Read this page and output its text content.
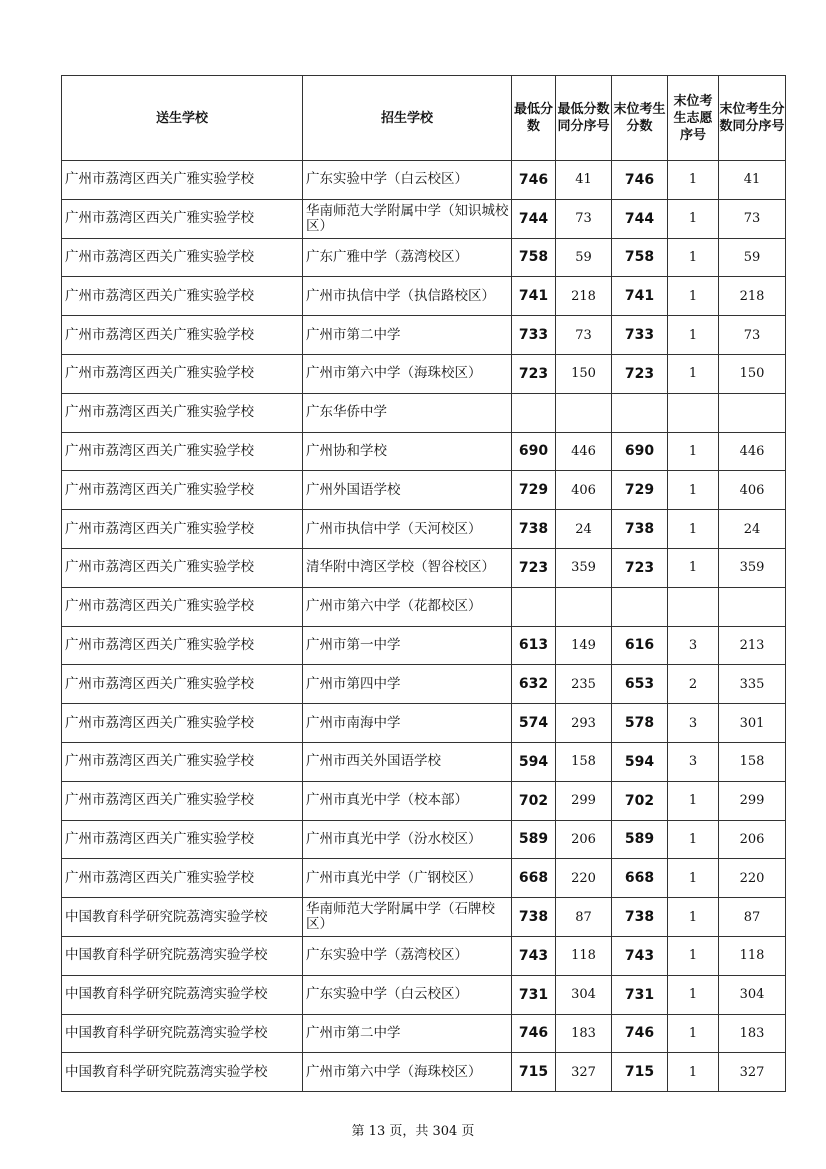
送生学校	招生学校	最低分数	最低分数同分序号	末位考生分数	末位考生志愿序号	末位考生分数同分序号
广州市荔湾区西关广雅实验学校	广东实验中学（白云校区）	746	41	746	1	41
广州市荔湾区西关广雅实验学校	华南师范大学附属中学（知识城校区）	744	73	744	1	73
广州市荔湾区西关广雅实验学校	广东广雅中学（荔湾校区）	758	59	758	1	59
广州市荔湾区西关广雅实验学校	广州市执信中学（执信路校区）	741	218	741	1	218
广州市荔湾区西关广雅实验学校	广州市第二中学	733	73	733	1	73
广州市荔湾区西关广雅实验学校	广州市第六中学（海珠校区）	723	150	723	1	150
广州市荔湾区西关广雅实验学校	广东华侨中学					
广州市荔湾区西关广雅实验学校	广州协和学校	690	446	690	1	446
广州市荔湾区西关广雅实验学校	广州外国语学校	729	406	729	1	406
广州市荔湾区西关广雅实验学校	广州市执信中学（天河校区）	738	24	738	1	24
广州市荔湾区西关广雅实验学校	清华附中湾区学校（智谷校区）	723	359	723	1	359
广州市荔湾区西关广雅实验学校	广州市第六中学（花都校区）					
广州市荔湾区西关广雅实验学校	广州市第一中学	613	149	616	3	213
广州市荔湾区西关广雅实验学校	广州市第四中学	632	235	653	2	335
广州市荔湾区西关广雅实验学校	广州市南海中学	574	293	578	3	301
广州市荔湾区西关广雅实验学校	广州市西关外国语学校	594	158	594	3	158
广州市荔湾区西关广雅实验学校	广州市真光中学（校本部）	702	299	702	1	299
广州市荔湾区西关广雅实验学校	广州市真光中学（汾水校区）	589	206	589	1	206
广州市荔湾区西关广雅实验学校	广州市真光中学（广钢校区）	668	220	668	1	220
中国教育科学研究院荔湾实验学校	华南师范大学附属中学（石牌校区）	738	87	738	1	87
中国教育科学研究院荔湾实验学校	广东实验中学（荔湾校区）	743	118	743	1	118
中国教育科学研究院荔湾实验学校	广东实验中学（白云校区）	731	304	731	1	304
中国教育科学研究院荔湾实验学校	广州市第二中学	746	183	746	1	183
中国教育科学研究院荔湾实验学校	广州市第六中学（海珠校区）	715	327	715	1	327
第 13 页，共 304 页
